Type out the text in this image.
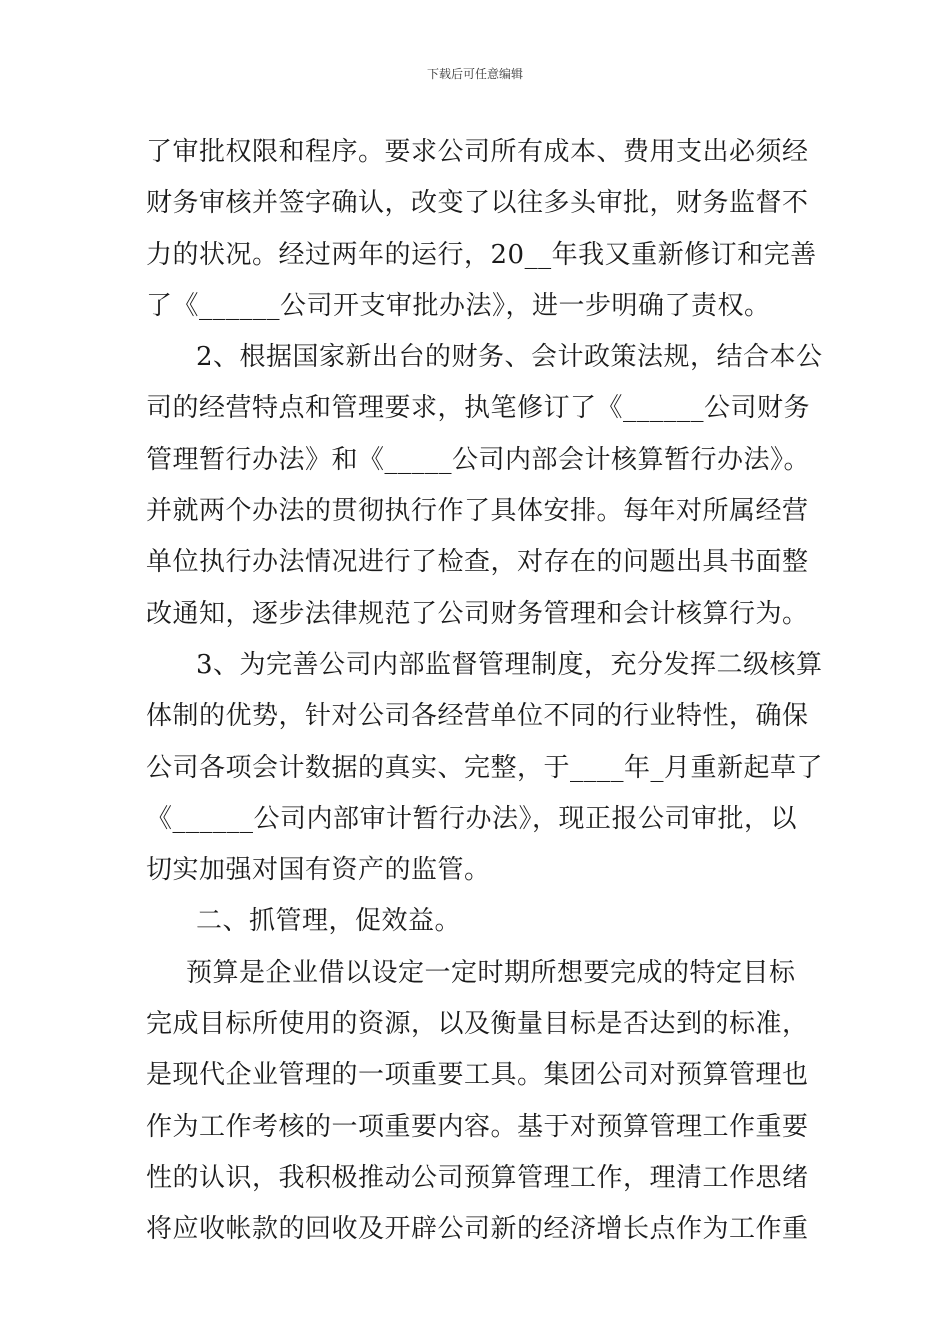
下载后可任意编辑
了审批权限和程序。要求公司所有成本、费用支出必须经
财务审核并签字确认，改变了以往多头审批，财务监督不
力的状况。经过两年的运行，20__年我又重新修订和完善
了《______公司开支审批办法》，进一步明确了责权。
2、根据国家新出台的财务、会计政策法规，结合本公
司的经营特点和管理要求，执笔修订了《______公司财务
管理暂行办法》和《_____公司内部会计核算暂行办法》。
并就两个办法的贯彻执行作了具体安排。每年对所属经营
单位执行办法情况进行了检查，对存在的问题出具书面整
改通知，逐步法律规范了公司财务管理和会计核算行为。
3、为完善公司内部监督管理制度，充分发挥二级核算
体制的优势，针对公司各经营单位不同的行业特性，确保
公司各项会计数据的真实、完整，于____年_月重新起草了
《______公司内部审计暂行办法》，现正报公司审批，以
切实加强对国有资产的监管。
二、抓管理，促效益。
预算是企业借以设定一定时期所想要完成的特定目标
完成目标所使用的资源，以及衡量目标是否达到的标准，
是现代企业管理的一项重要工具。集团公司对预算管理也
作为工作考核的一项重要内容。基于对预算管理工作重要
性的认识，我积极推动公司预算管理工作，理清工作思绪
将应收帐款的回收及开辟公司新的经济增长点作为工作重
